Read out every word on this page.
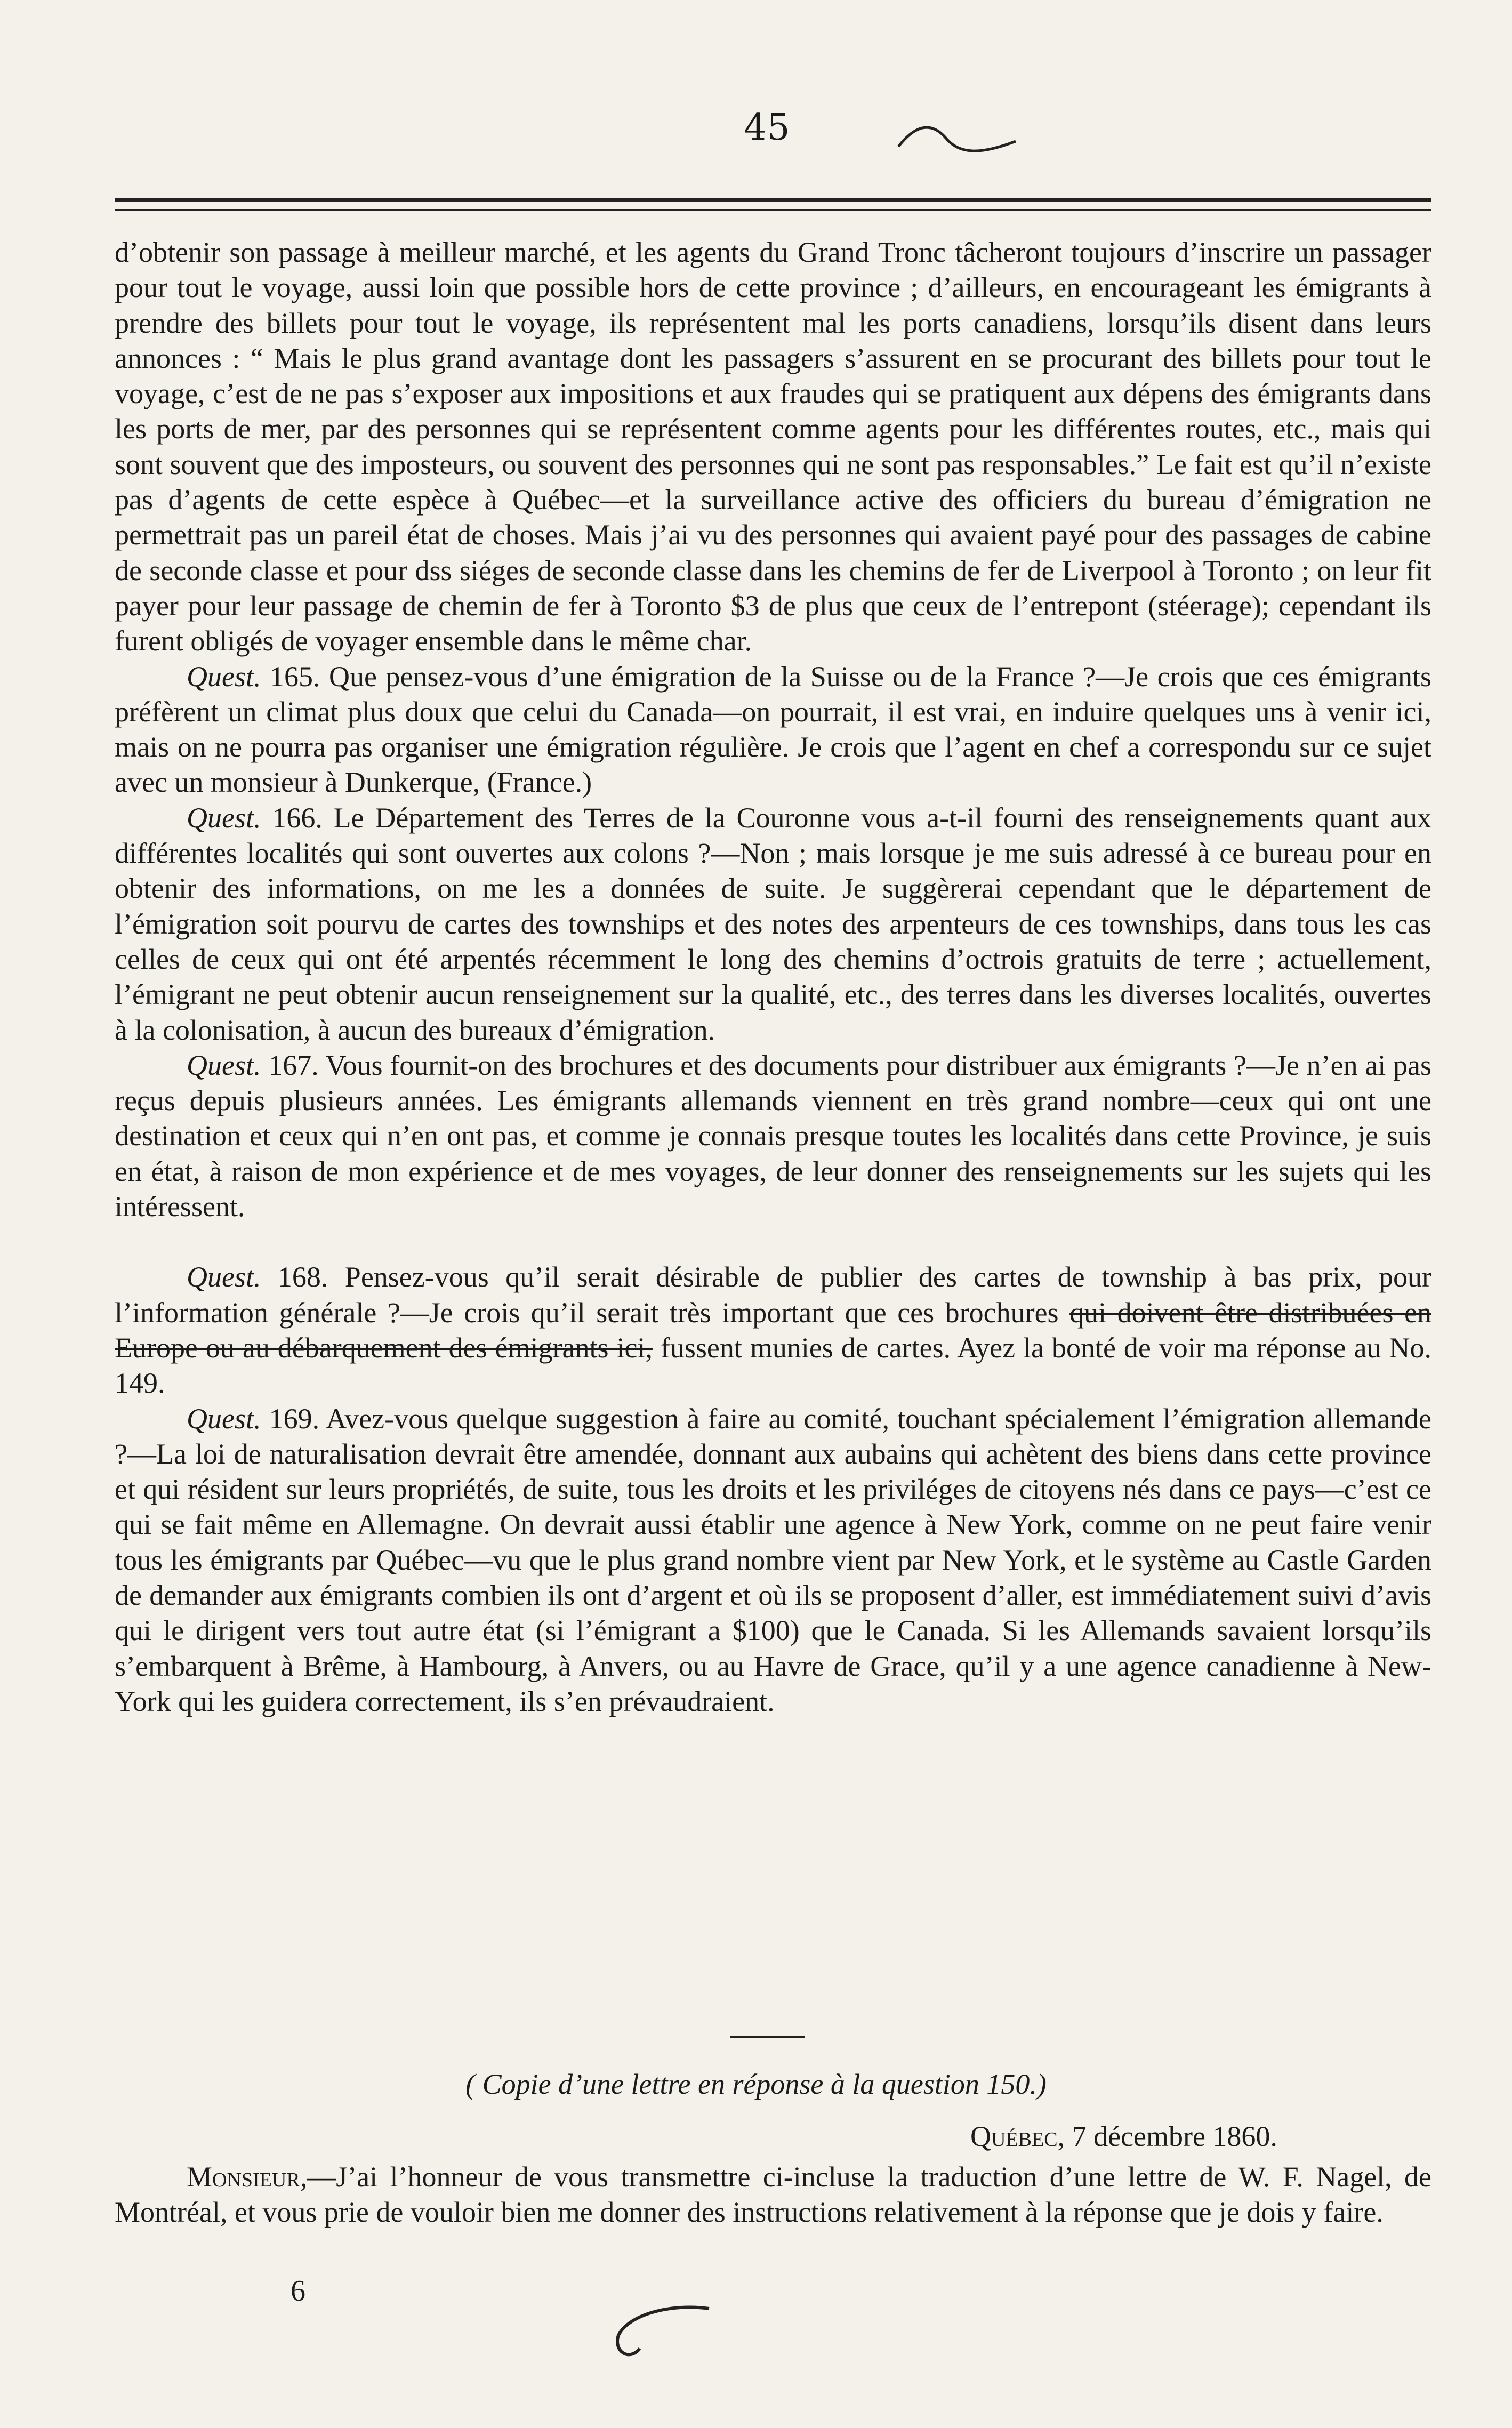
45

d’obtenir son passage à meilleur marché, et les agents du Grand Tronc tâcheront toujours d’inscrire un passager pour tout le voyage, aussi loin que possible hors de cette province ; d’ailleurs, en encourageant les émigrants à prendre des billets pour tout le voyage, ils représentent mal les ports canadiens, lorsqu’ils disent dans leurs annonces : “ Mais le plus grand avantage dont les passagers s’assurent en se procurant des billets pour tout le voyage, c’est de ne pas s’exposer aux impositions et aux fraudes qui se pratiquent aux dépens des émigrants dans les ports de mer, par des personnes qui se représentent comme agents pour les différentes routes, etc., mais qui sont souvent que des imposteurs, ou souvent des personnes qui ne sont pas responsables.” Le fait est qu’il n’existe pas d’agents de cette espèce à Québec—et la surveillance active des officiers du bureau d’émigration ne permettrait pas un pareil état de choses. Mais j’ai vu des personnes qui avaient payé pour des passages de cabine de seconde classe et pour dss siéges de seconde classe dans les chemins de fer de Liverpool à Toronto ; on leur fit payer pour leur passage de chemin de fer à Toronto $3 de plus que ceux de l’entrepont (stéerage); cependant ils furent obligés de voyager ensemble dans le même char.

Quest. 165. Que pensez-vous d’une émigration de la Suisse ou de la France ?—Je crois que ces émigrants préfèrent un climat plus doux que celui du Canada—on pourrait, il est vrai, en induire quelques uns à venir ici, mais on ne pourra pas organiser une émigration régulière. Je crois que l’agent en chef a correspondu sur ce sujet avec un monsieur à Dunkerque, (France.)

Quest. 166. Le Département des Terres de la Couronne vous a-t-il fourni des renseignements quant aux différentes localités qui sont ouvertes aux colons ?—Non ; mais lorsque je me suis adressé à ce bureau pour en obtenir des informations, on me les a données de suite. Je suggèrerai cependant que le département de l’émigration soit pourvu de cartes des townships et des notes des arpenteurs de ces townships, dans tous les cas celles de ceux qui ont été arpentés récemment le long des chemins d’octrois gratuits de terre ; actuellement, l’émigrant ne peut obtenir aucun renseignement sur la qualité, etc., des terres dans les diverses localités, ouvertes à la colonisation, à aucun des bureaux d’émigration.

Quest. 167. Vous fournit-on des brochures et des documents pour distribuer aux émigrants ?—Je n’en ai pas reçus depuis plusieurs années. Les émigrants allemands viennent en très grand nombre—ceux qui ont une destination et ceux qui n’en ont pas, et comme je connais presque toutes les localités dans cette Province, je suis en état, à raison de mon expérience et de mes voyages, de leur donner des renseignements sur les sujets qui les intéressent.

Quest. 168. Pensez-vous qu’il serait désirable de publier des cartes de township à bas prix, pour l’information générale ?—Je crois qu’il serait très important que ces brochures qui doivent être distribuées en Europe ou au débarquement des émigrants ici, fussent munies de cartes. Ayez la bonté de voir ma réponse au No. 149.

Quest. 169. Avez-vous quelque suggestion à faire au comité, touchant spécialement l’émigration allemande ?—La loi de naturalisation devrait être amendée, donnant aux aubains qui achètent des biens dans cette province et qui résident sur leurs propriétés, de suite, tous les droits et les priviléges de citoyens nés dans ce pays—c’est ce qui se fait même en Allemagne. On devrait aussi établir une agence à New York, comme on ne peut faire venir tous les émigrants par Québec—vu que le plus grand nombre vient par New York, et le système au Castle Garden de demander aux émigrants combien ils ont d’argent et où ils se proposent d’aller, est immédiatement suivi d’avis qui le dirigent vers tout autre état (si l’émigrant a $100) que le Canada. Si les Allemands savaient lorsqu’ils s’embarquent à Brême, à Hambourg, à Anvers, ou au Havre de Grace, qu’il y a une agence canadienne à New-York qui les guidera correctement, ils s’en prévaudraient.

( Copie d’une lettre en réponse à la question 150.)
Québec, 7 décembre 1860.

Monsieur,—J’ai l’honneur de vous transmettre ci-incluse la traduction d’une lettre de W. F. Nagel, de Montréal, et vous prie de vouloir bien me donner des instructions relativement à la réponse que je dois y faire.

6
